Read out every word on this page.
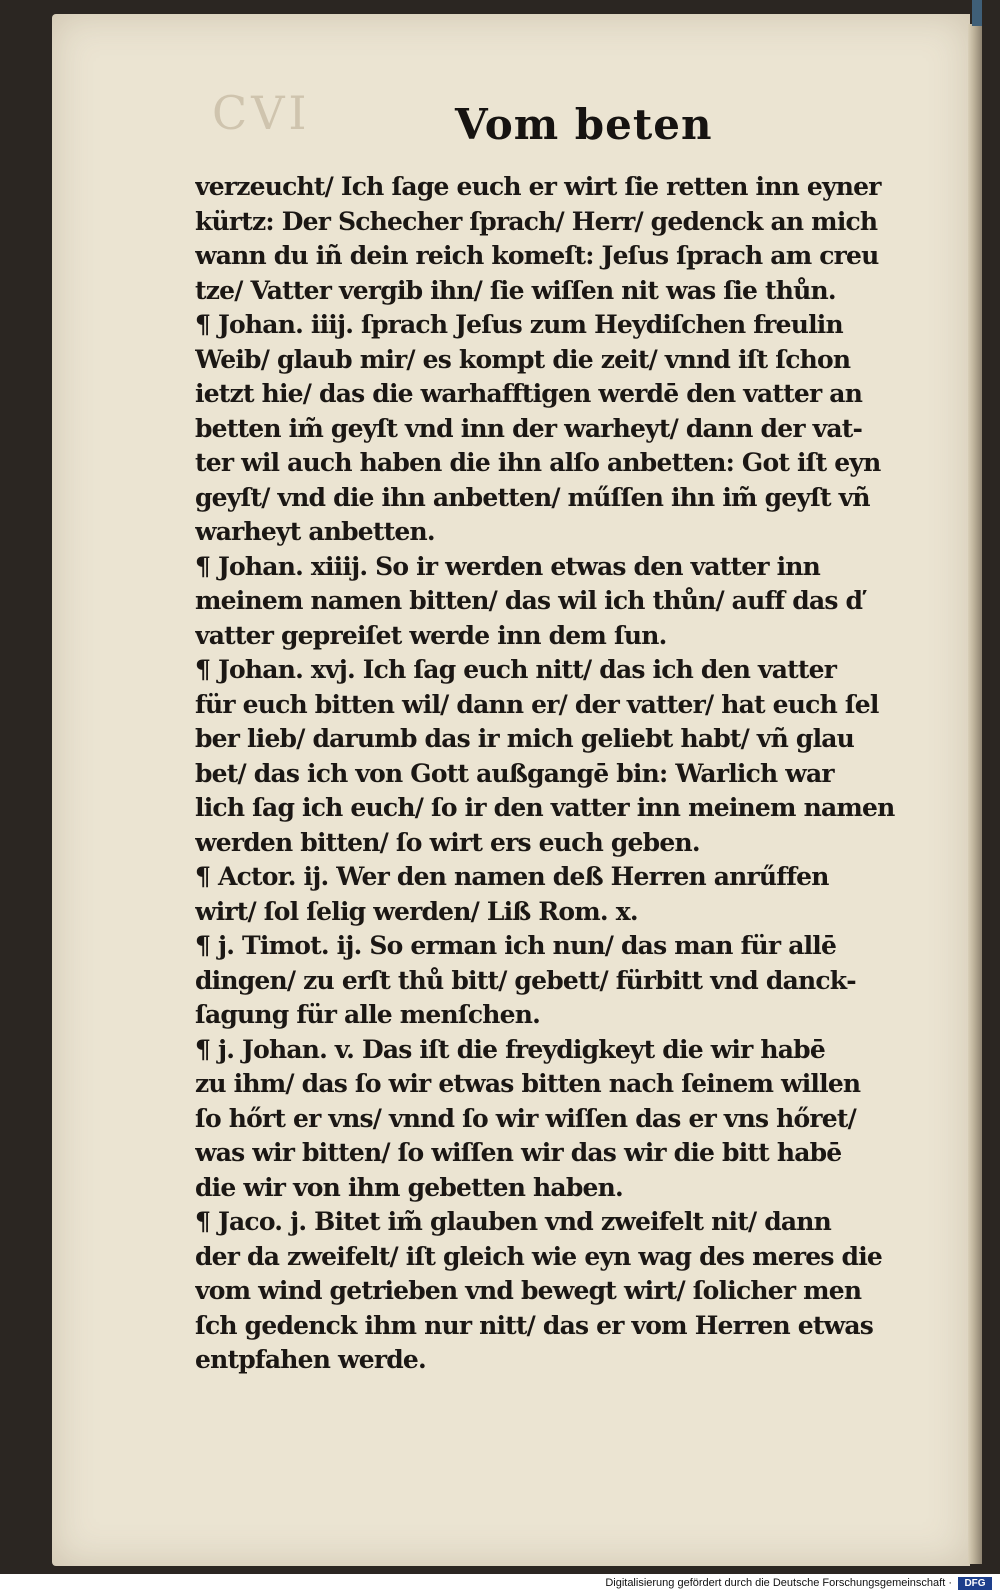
CVI	Vom beten
verzeucht/ Ich ſage euch er wirt ſie retten inn eyner
kürtz: Der Schecher ſprach/ Herr/ gedenck an mich
wann du iñ dein reich komeſt: Jeſus ſprach am creu
tze/ Vatter vergib ihn/ ſie wiſſen nit was ſie thůn.
¶ Johan. iiij. ſprach Jeſus zum Heydiſchen freulin
Weib/ glaub mir/ es kompt die zeit/ vnnd iſt ſchon
ietzt hie/ das die warhafftigen werdē den vatter an
betten im̃ geyſt vnd inn der warheyt/ dann der vat‑
ter wil auch haben die ihn alſo anbetten: Got iſt eyn
geyſt/ vnd die ihn anbetten/ műſſen ihn im̃ geyſt vñ
warheyt anbetten.
¶ Johan. xiiij. So ir werden etwas den vatter inn
meinem namen bitten/ das wil ich thůn/ auff das ď
vatter gepreiſet werde inn dem ſun.
¶ Johan. xvj. Ich ſag euch nitt/ das ich den vatter
für euch bitten wil/ dann er/ der vatter/ hat euch ſel
ber lieb/ darumb das ir mich geliebt habt/ vñ glau
bet/ das ich von Gott außgangē bin: Warlich war
lich ſag ich euch/ ſo ir den vatter inn meinem namen
werden bitten/ ſo wirt ers euch geben.
¶ Actor. ij. Wer den namen deß Herren anrűffen
wirt/ ſol ſelig werden/ Liß Rom. x.
¶ j. Timot. ij. So erman ich nun/ das man für allē
dingen/ zu erſt thů bitt/ gebett/ fürbitt vnd danck‑
ſagung für alle menſchen.
¶ j. Johan. v. Das iſt die freydigkeyt die wir habē
zu ihm/ das ſo wir etwas bitten nach ſeinem willen
ſo hőrt er vns/ vnnd ſo wir wiſſen das er vns hőret/
was wir bitten/ ſo wiſſen wir das wir die bitt habē
die wir von ihm gebetten haben.
¶ Jaco. j. Bitet im̃ glauben vnd zweifelt nit/ dann
der da zweifelt/ iſt gleich wie eyn wag des meres die
vom wind getrieben vnd bewegt wirt/ ſolicher men
ſch gedenck ihm nur nitt/ das er vom Herren etwas
entpfahen werde.
Digitalisierung gefördert durch die Deutsche Forschungsgemeinschaft ·	DFG
